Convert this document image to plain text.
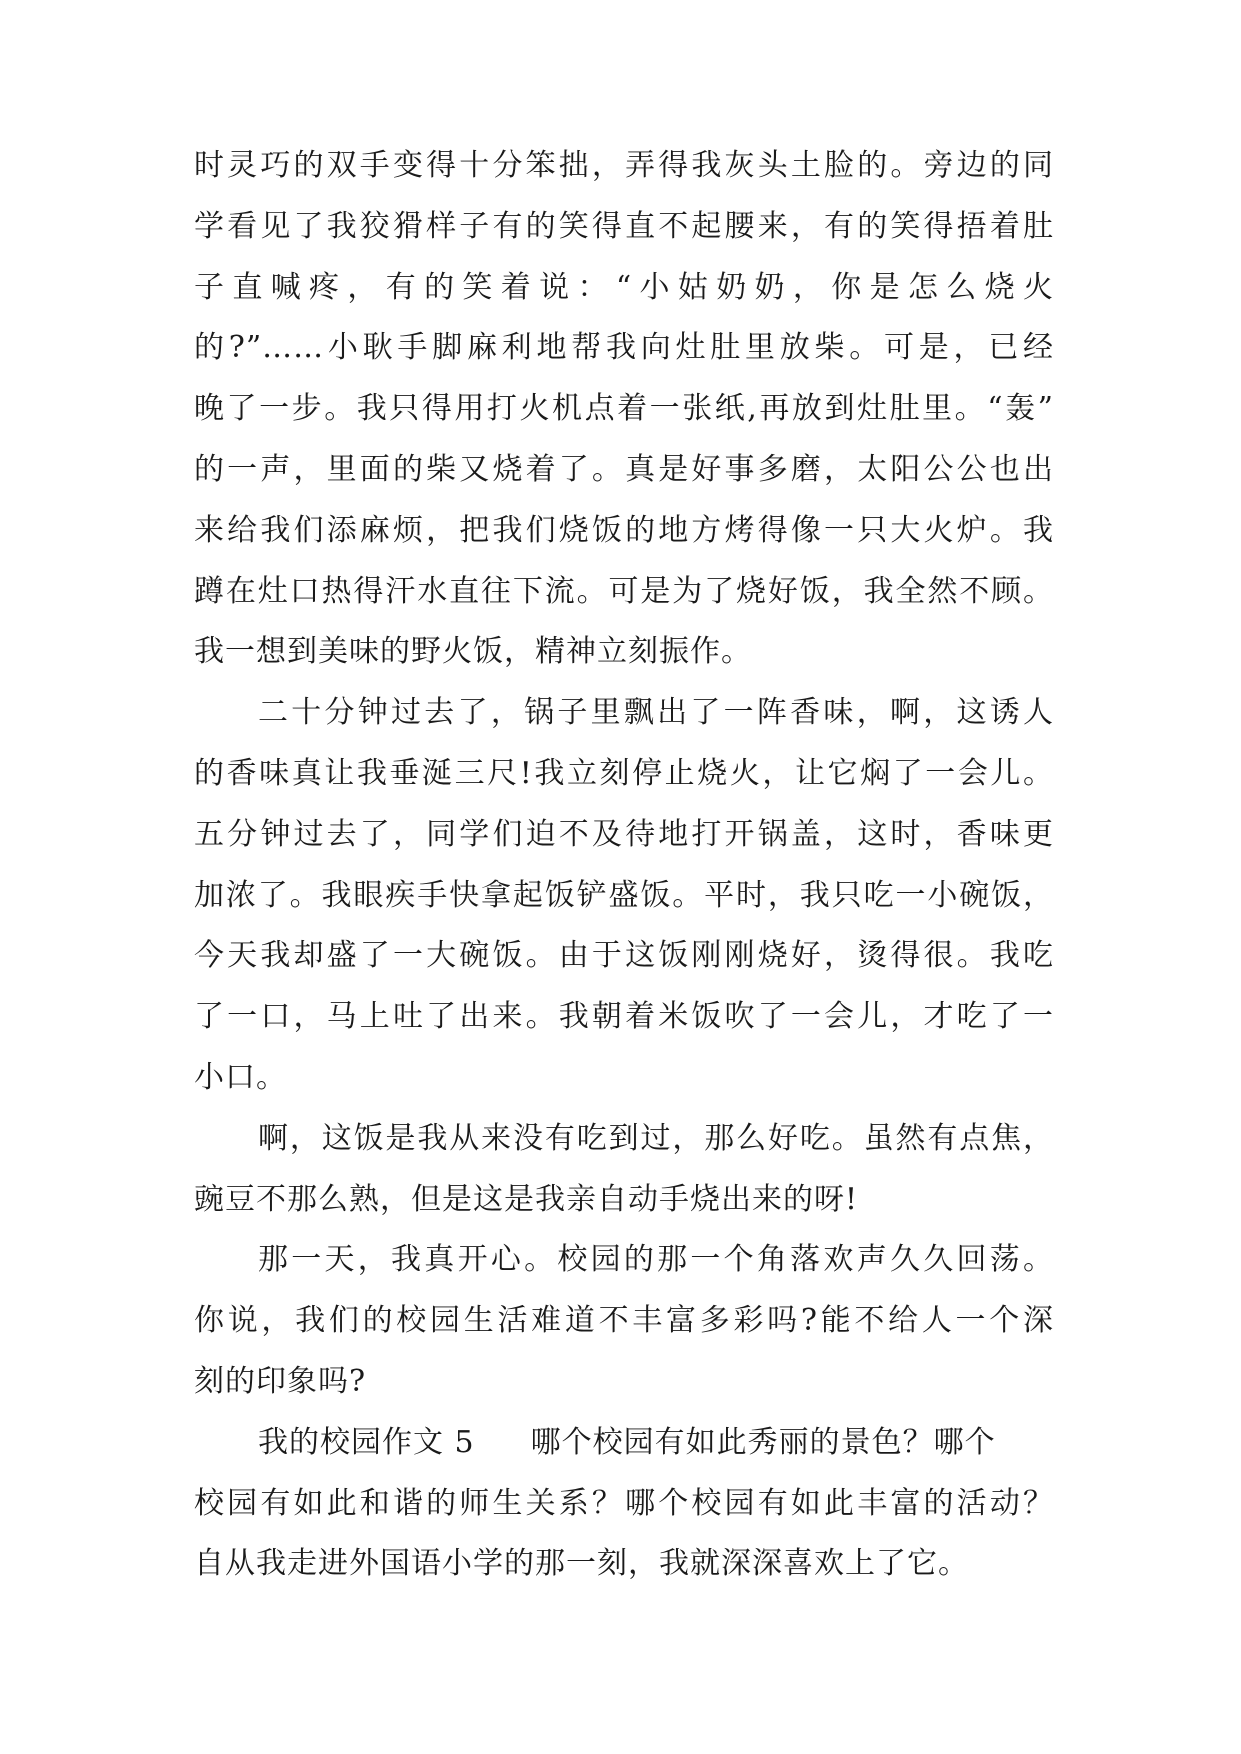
时灵巧的双手变得十分笨拙，弄得我灰头土脸的。旁边的同
学看见了我狡猾样子有的笑得直不起腰来，有的笑得捂着肚
子直喊疼，有的笑着说：“小姑奶奶，你是怎么烧火
的?”……小耿手脚麻利地帮我向灶肚里放柴。可是，已经
晚了一步。我只得用打火机点着一张纸,再放到灶肚里。“轰”
的一声，里面的柴又烧着了。真是好事多磨，太阳公公也出
来给我们添麻烦，把我们烧饭的地方烤得像一只大火炉。我
蹲在灶口热得汗水直往下流。可是为了烧好饭，我全然不顾。
我一想到美味的野火饭，精神立刻振作。
二十分钟过去了，锅子里飘出了一阵香味，啊，这诱人
的香味真让我垂涎三尺!我立刻停止烧火，让它焖了一会儿。
五分钟过去了，同学们迫不及待地打开锅盖，这时，香味更
加浓了。我眼疾手快拿起饭铲盛饭。平时，我只吃一小碗饭，
今天我却盛了一大碗饭。由于这饭刚刚烧好，烫得很。我吃
了一口，马上吐了出来。我朝着米饭吹了一会儿，才吃了一
小口。
啊，这饭是我从来没有吃到过，那么好吃。虽然有点焦，
豌豆不那么熟，但是这是我亲自动手烧出来的呀!
那一天，我真开心。校园的那一个角落欢声久久回荡。
你说，我们的校园生活难道不丰富多彩吗?能不给人一个深
刻的印象吗?
我的校园作文 5 哪个校园有如此秀丽的景色？哪个
校园有如此和谐的师生关系？哪个校园有如此丰富的活动？
自从我走进外国语小学的那一刻，我就深深喜欢上了它。
